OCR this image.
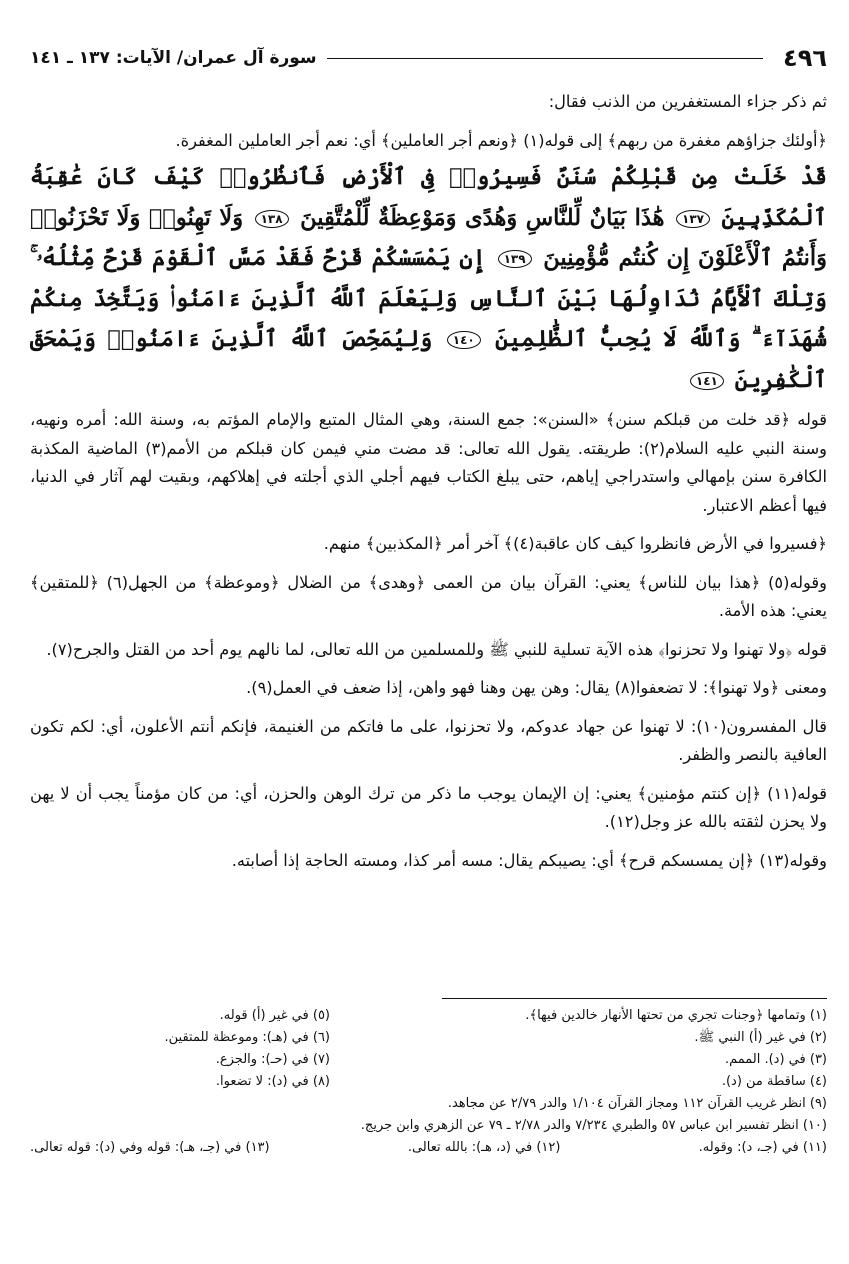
٤٩٦
سورة آل عمران/ الآيات: ١٣٧ ـ ١٤١

ثم ذكر جزاء المستغفرين من الذنب فقال:

﴿أولئك جزاؤهم مغفرة من ربهم﴾ إلى قوله(١) ﴿ونعم أجر العاملين﴾ أي: نعم أجر العاملين المغفرة.

قَدْ خَلَتْ مِن قَبْلِكُمْ سُنَنٌ فَسِيرُوا۟ فِى ٱلْأَرْضِ فَٱنظُرُوا۟ كَيْفَ كَانَ عَٰقِبَةُ ٱلْمُكَذِّبِينَ ١٣٧ هَٰذَا بَيَانٌ لِّلنَّاسِ وَهُدًى وَمَوْعِظَةٌ لِّلْمُتَّقِينَ ١٣٨ وَلَا تَهِنُوا۟ وَلَا تَحْزَنُوا۟ وَأَنتُمُ ٱلْأَعْلَوْنَ إِن كُنتُم مُّؤْمِنِينَ ١٣٩ إِن يَمْسَسْكُمْ قَرْحٌ فَقَدْ مَسَّ ٱلْقَوْمَ قَرْحٌ مِّثْلُهُۥ ۚ وَتِلْكَ ٱلْأَيَّامُ نُدَاوِلُهَا بَيْنَ ٱلنَّاسِ وَلِيَعْلَمَ ٱللَّهُ ٱلَّذِينَ ءَامَنُوا۟ وَيَتَّخِذَ مِنكُمْ شُهَدَآءَ ۗ وَٱللَّهُ لَا يُحِبُّ ٱلظَّٰلِمِينَ ١٤٠ وَلِيُمَحِّصَ ٱللَّهُ ٱلَّذِينَ ءَامَنُوا۟ وَيَمْحَقَ ٱلْكَٰفِرِينَ ١٤١

قوله ﴿قد خلت من قبلكم سنن﴾ «السنن»: جمع السنة، وهي المثال المتبع والإمام المؤتم به، وسنة الله: أمره ونهيه، وسنة النبي عليه السلام(٢): طريقته. يقول الله تعالى: قد مضت مني فيمن كان قبلكم من الأمم(٣) الماضية المكذبة الكافرة سنن بإمهالي واستدراجي إياهم، حتى يبلغ الكتاب فيهم أجلي الذي أجلته في إهلاكهم، وبقيت لهم آثار في الدنيا، فيها أعظم الاعتبار.

﴿فسيروا في الأرض فانظروا كيف كان عاقبة(٤)﴾ آخر أمر ﴿المكذبين﴾ منهم.

وقوله(٥) ﴿هذا بيان للناس﴾ يعني: القرآن بيان من العمى ﴿وهدى﴾ من الضلال ﴿وموعظة﴾ من الجهل(٦) ﴿للمتقين﴾ يعني: هذه الأمة.

قوله ﴿ولا تهنوا ولا تحزنوا﴾ هذه الآية تسلية للنبي ﷺ وللمسلمين من الله تعالى، لما نالهم يوم أحد من القتل والجرح(٧).

ومعنى ﴿ولا تهنوا﴾: لا تضعفوا(٨) يقال: وهن يهن وهنا فهو واهن، إذا ضعف في العمل(٩).

قال المفسرون(١٠): لا تهنوا عن جهاد عدوكم، ولا تحزنوا، على ما فاتكم من الغنيمة، فإنكم أنتم الأعلون، أي: لكم تكون العافية بالنصر والظفر.

قوله(١١) ﴿إن كنتم مؤمنين﴾ يعني: إن الإيمان يوجب ما ذكر من ترك الوهن والحزن، أي: من كان مؤمناً يجب أن لا يهن ولا يحزن لثقته بالله عز وجل(١٢).

وقوله(١٣) ﴿إن يمسسكم قرح﴾ أي: يصيبكم يقال: مسه أمر كذا، ومسته الحاجة إذا أصابته.

(١) وتمامها ﴿وجنات تجري من تحتها الأنهار خالدين فيها﴾.
(٢) في غير (أ) النبي ﷺ.
(٣) في (د). الممم.
(٤) ساقطة من (د).
(٥) في غير (أ) قوله.
(٦) في (هـ): وموعظة للمتقين.
(٧) في (حـ): والجزع.
(٨) في (د): لا تضعوا.
(٩) انظر غريب القرآن ١١٢ ومجاز القرآن ١/١٠٤ والدر ٢/٧٩ عن مجاهد.
(١٠) انظر تفسير ابن عباس ٥٧ والطبري ٧/٢٣٤ والدر ٢/٧٨ ـ ٧٩ عن الزهري وابن جريج.
(١١) في (جـ، د): وقوله.
(١٢) في (د، هـ): بالله تعالى.
(١٣) في (جـ، هـ): قوله وفي (د): قوله تعالى.
